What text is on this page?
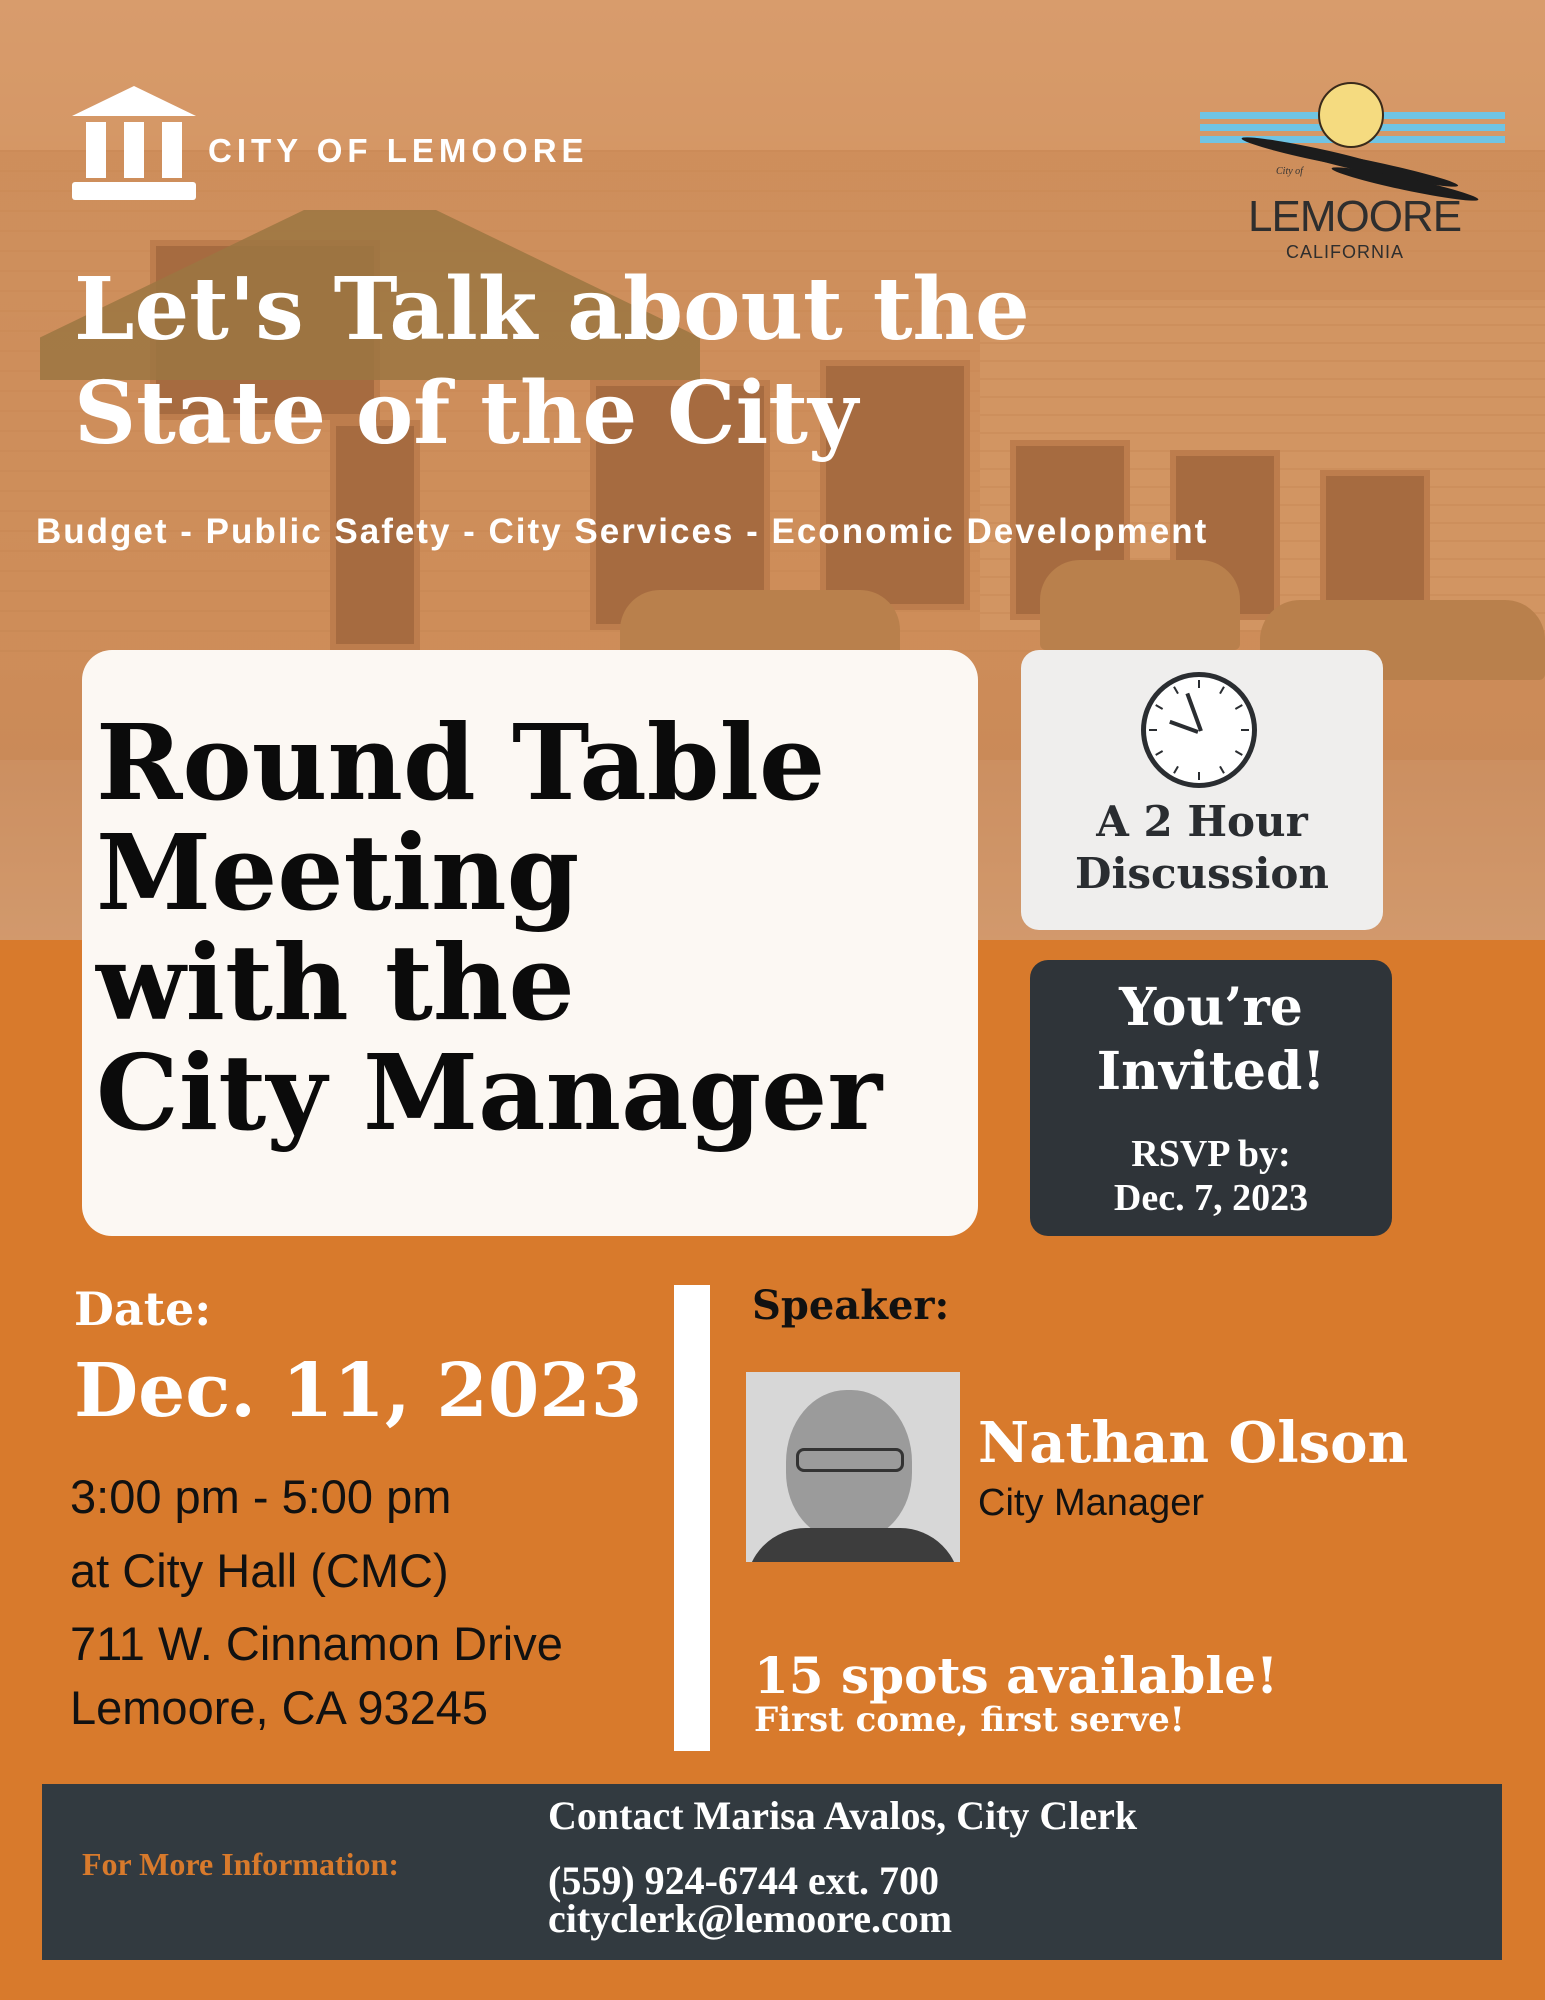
CITY OF LEMOORE
City of
LEMOORE
CALIFORNIA
Let's Talk about the
State of the City
Budget - Public Safety - City Services - Economic Development
Round Table
Meeting
with the
City Manager
A 2 Hour
Discussion
You’re
Invited!
RSVP by:
Dec. 7, 2023
Date:
Dec. 11, 2023
3:00 pm - 5:00 pm
at City Hall (CMC)
711 W. Cinnamon Drive
Lemoore, CA 93245
Speaker:
Nathan Olson
City Manager
15 spots available!
First come, first serve!
For More Information:
Contact Marisa Avalos, City Clerk
(559) 924-6744 ext. 700
cityclerk@lemoore.com
